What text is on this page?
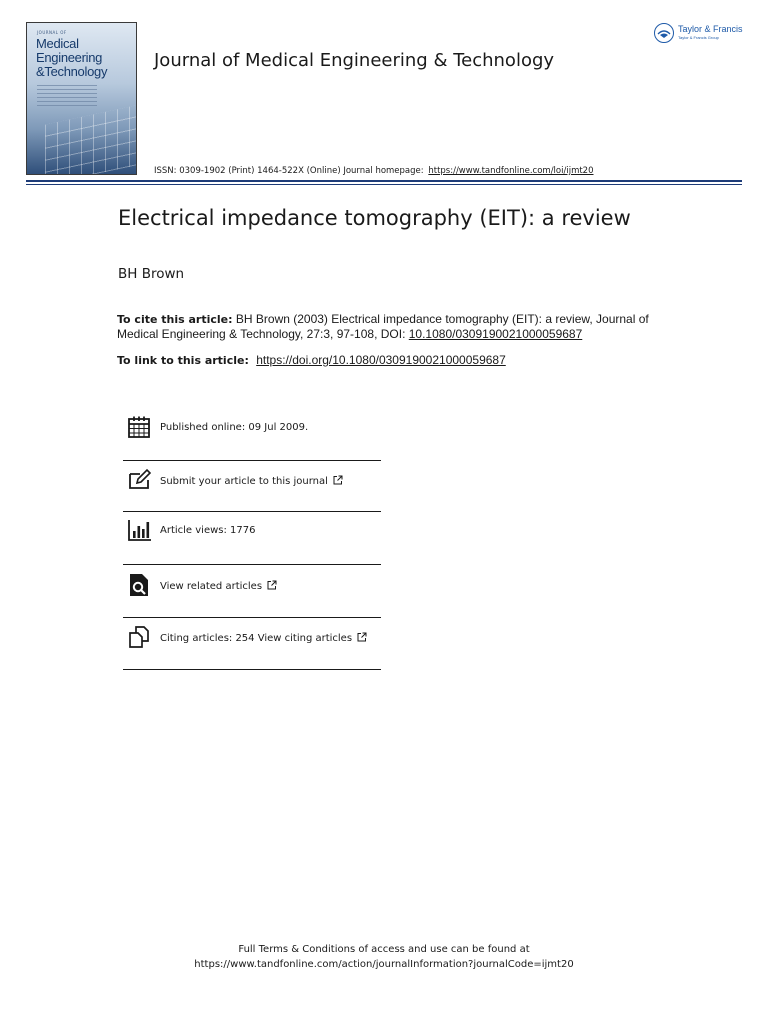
JOURNAL OF
Medical
Engineering
&Technology
Journal of Medical Engineering & Technology
Taylor & Francis
Taylor & Francis Group
ISSN: 0309-1902 (Print) 1464-522X (Online) Journal homepage: https://www.tandfonline.com/loi/ijmt20
Electrical impedance tomography (EIT): a review
BH Brown
To cite this article: BH Brown (2003) Electrical impedance tomography (EIT): a review, Journal of Medical Engineering & Technology, 27:3, 97-108, DOI: 10.1080/0309190021000059687
To link to this article: https://doi.org/10.1080/0309190021000059687
Published online: 09 Jul 2009.
Submit your article to this journal
Article views: 1776
View related articles
Citing articles: 254 View citing articles
Full Terms & Conditions of access and use can be found at
https://www.tandfonline.com/action/journalInformation?journalCode=ijmt20
